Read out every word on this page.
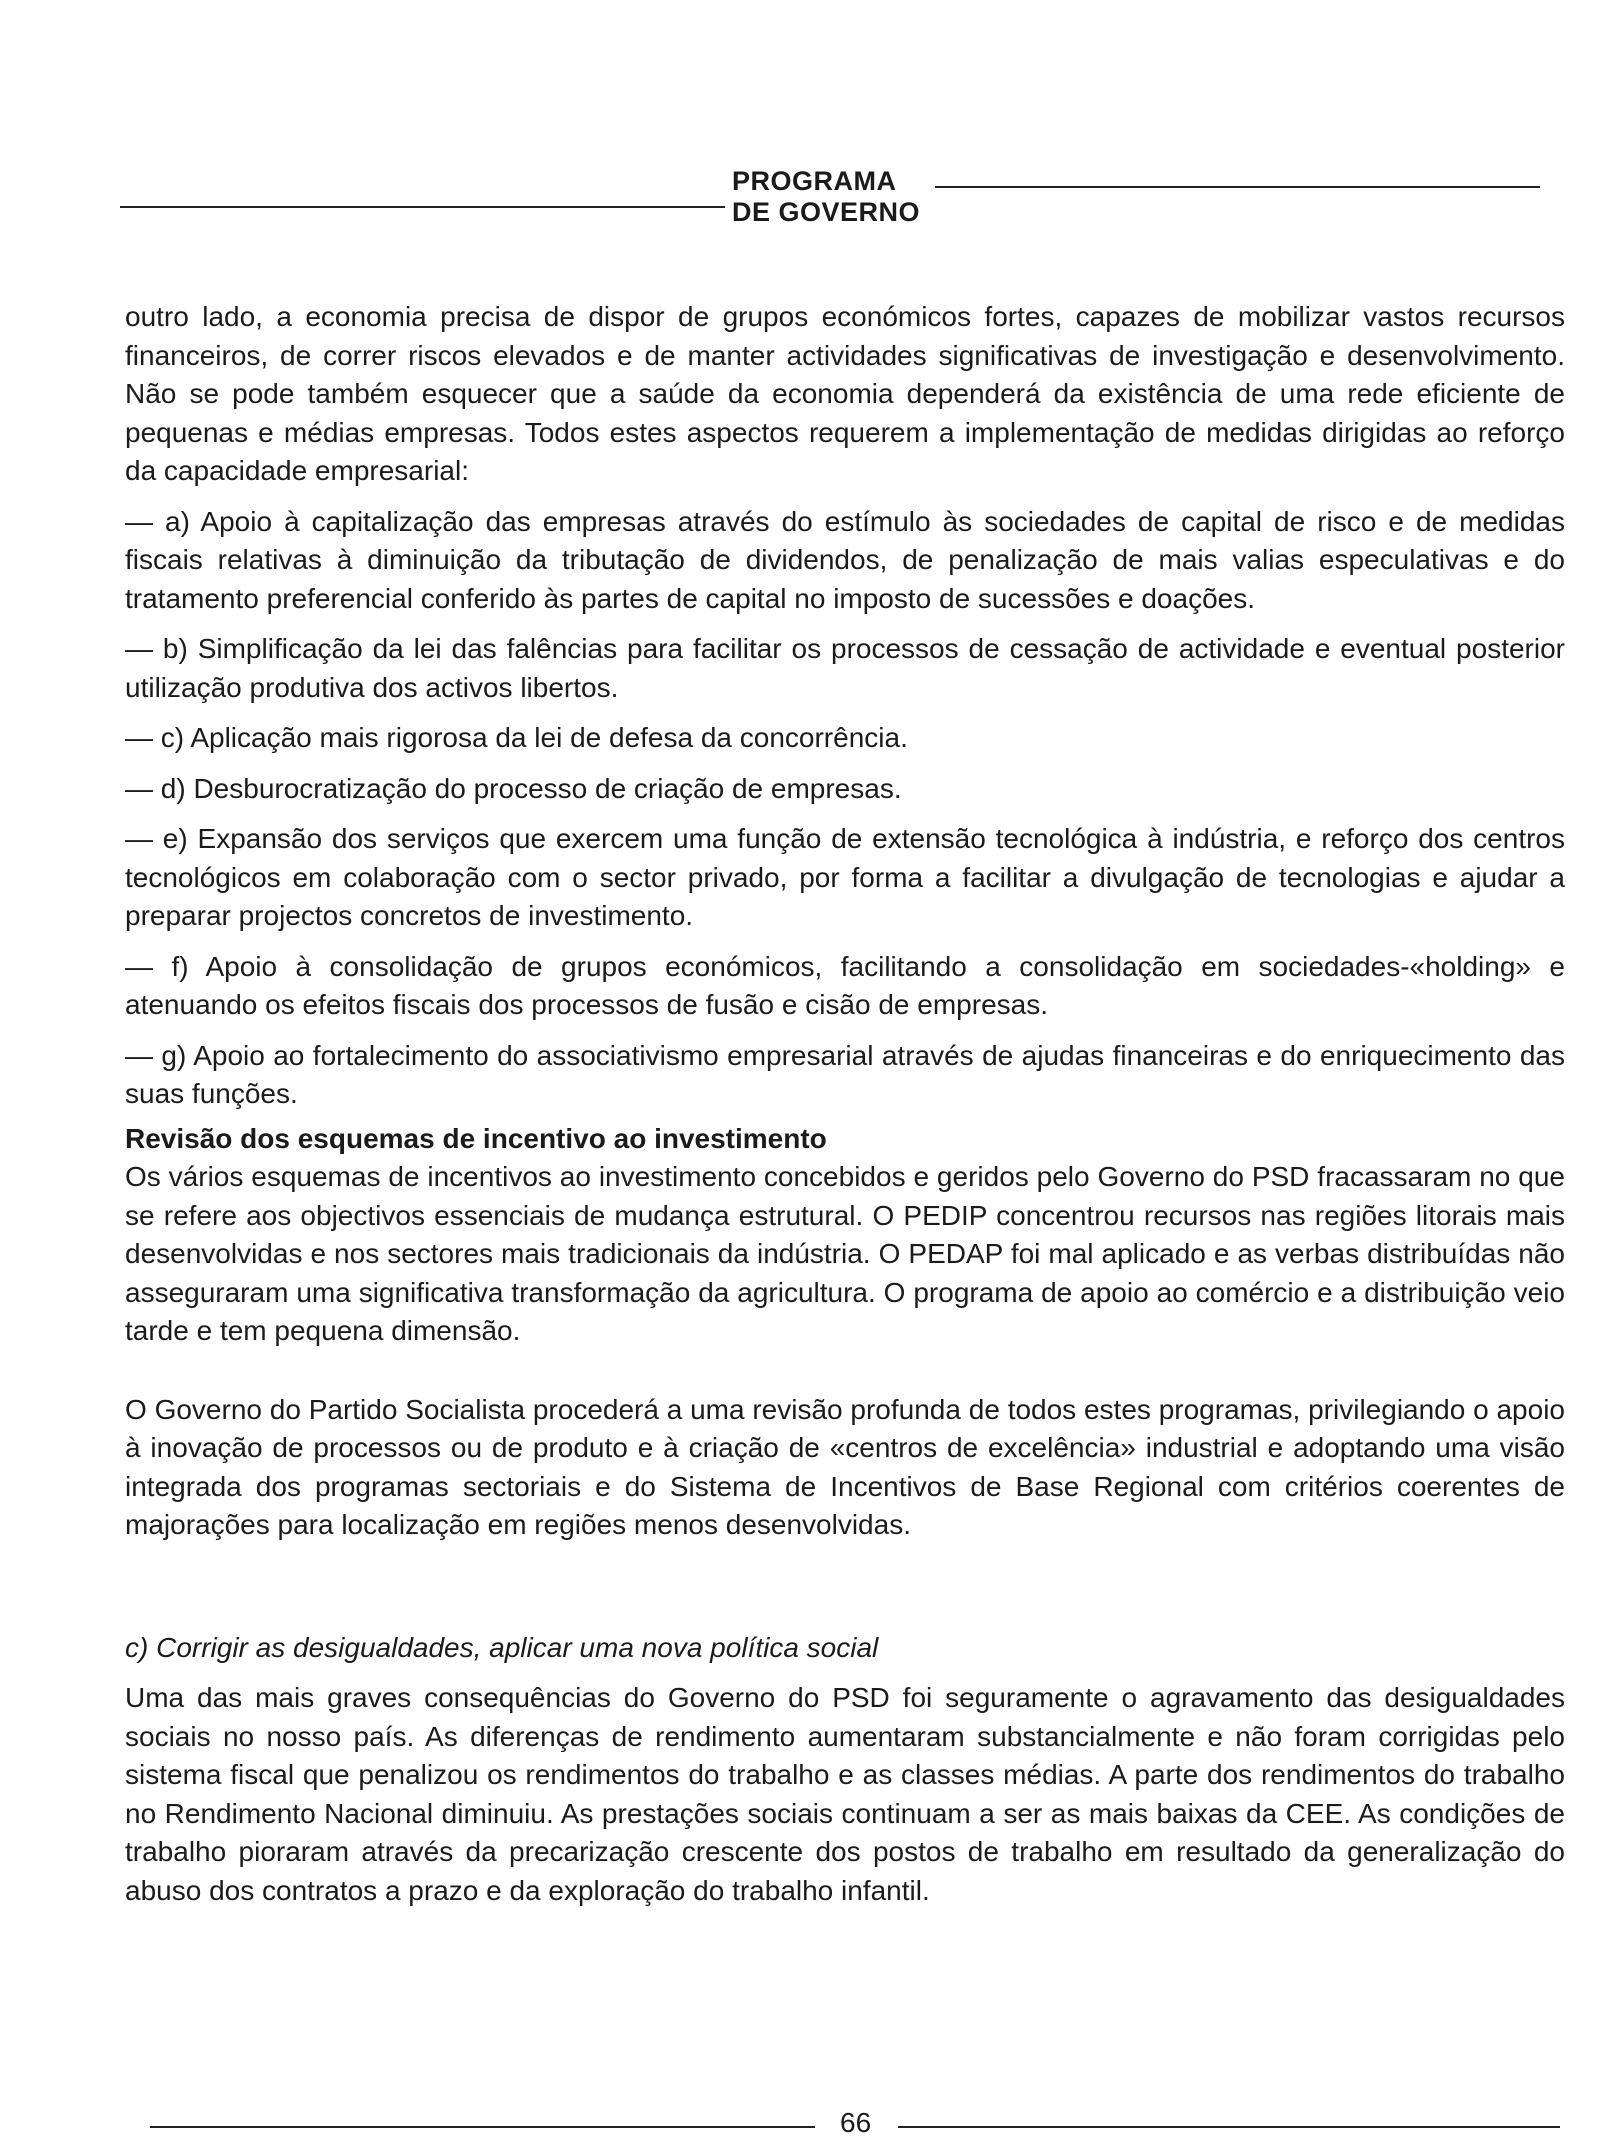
PROGRAMA
DE GOVERNO

outro lado, a economia precisa de dispor de grupos económicos fortes, capazes de mobilizar vastos recursos financeiros, de correr riscos elevados e de manter actividades significativas de investigação e desenvolvimento. Não se pode também esquecer que a saúde da economia dependerá da existência de uma rede eficiente de pequenas e médias empresas. Todos estes aspectos requerem a implementação de medidas dirigidas ao reforço da capacidade empresarial:

— a) Apoio à capitalização das empresas através do estímulo às sociedades de capital de risco e de medidas fiscais relativas à diminuição da tributação de dividendos, de penalização de mais valias especulativas e do tratamento preferencial conferido às partes de capital no imposto de sucessões e doações.

— b) Simplificação da lei das falências para facilitar os processos de cessação de actividade e eventual posterior utilização produtiva dos activos libertos.

— c) Aplicação mais rigorosa da lei de defesa da concorrência.

— d) Desburocratização do processo de criação de empresas.

— e) Expansão dos serviços que exercem uma função de extensão tecnológica à indústria, e reforço dos centros tecnológicos em colaboração com o sector privado, por forma a facilitar a divulgação de tecnologias e ajudar a preparar projectos concretos de investimento.

— f) Apoio à consolidação de grupos económicos, facilitando a consolidação em sociedades-«holding» e atenuando os efeitos fiscais dos processos de fusão e cisão de empresas.

— g) Apoio ao fortalecimento do associativismo empresarial através de ajudas financeiras e do enriquecimento das suas funções.

Revisão dos esquemas de incentivo ao investimento

Os vários esquemas de incentivos ao investimento concebidos e geridos pelo Governo do PSD fracassaram no que se refere aos objectivos essenciais de mudança estrutural. O PEDIP concentrou recursos nas regiões litorais mais desenvolvidas e nos sectores mais tradicionais da indústria. O PEDAP foi mal aplicado e as verbas distribuídas não asseguraram uma significativa transformação da agricultura. O programa de apoio ao comércio e a distribuição veio tarde e tem pequena dimensão.

O Governo do Partido Socialista procederá a uma revisão profunda de todos estes programas, privilegiando o apoio à inovação de processos ou de produto e à criação de «centros de excelência» industrial e adoptando uma visão integrada dos programas sectoriais e do Sistema de Incentivos de Base Regional com critérios coerentes de majorações para localização em regiões menos desenvolvidas.

c) Corrigir as desigualdades, aplicar uma nova política social

Uma das mais graves consequências do Governo do PSD foi seguramente o agravamento das desigualdades sociais no nosso país. As diferenças de rendimento aumentaram substancialmente e não foram corrigidas pelo sistema fiscal que penalizou os rendimentos do trabalho e as classes médias. A parte dos rendimentos do trabalho no Rendimento Nacional diminuiu. As prestações sociais continuam a ser as mais baixas da CEE. As condições de trabalho pioraram através da precarização crescente dos postos de trabalho em resultado da generalização do abuso dos contratos a prazo e da exploração do trabalho infantil.

66
